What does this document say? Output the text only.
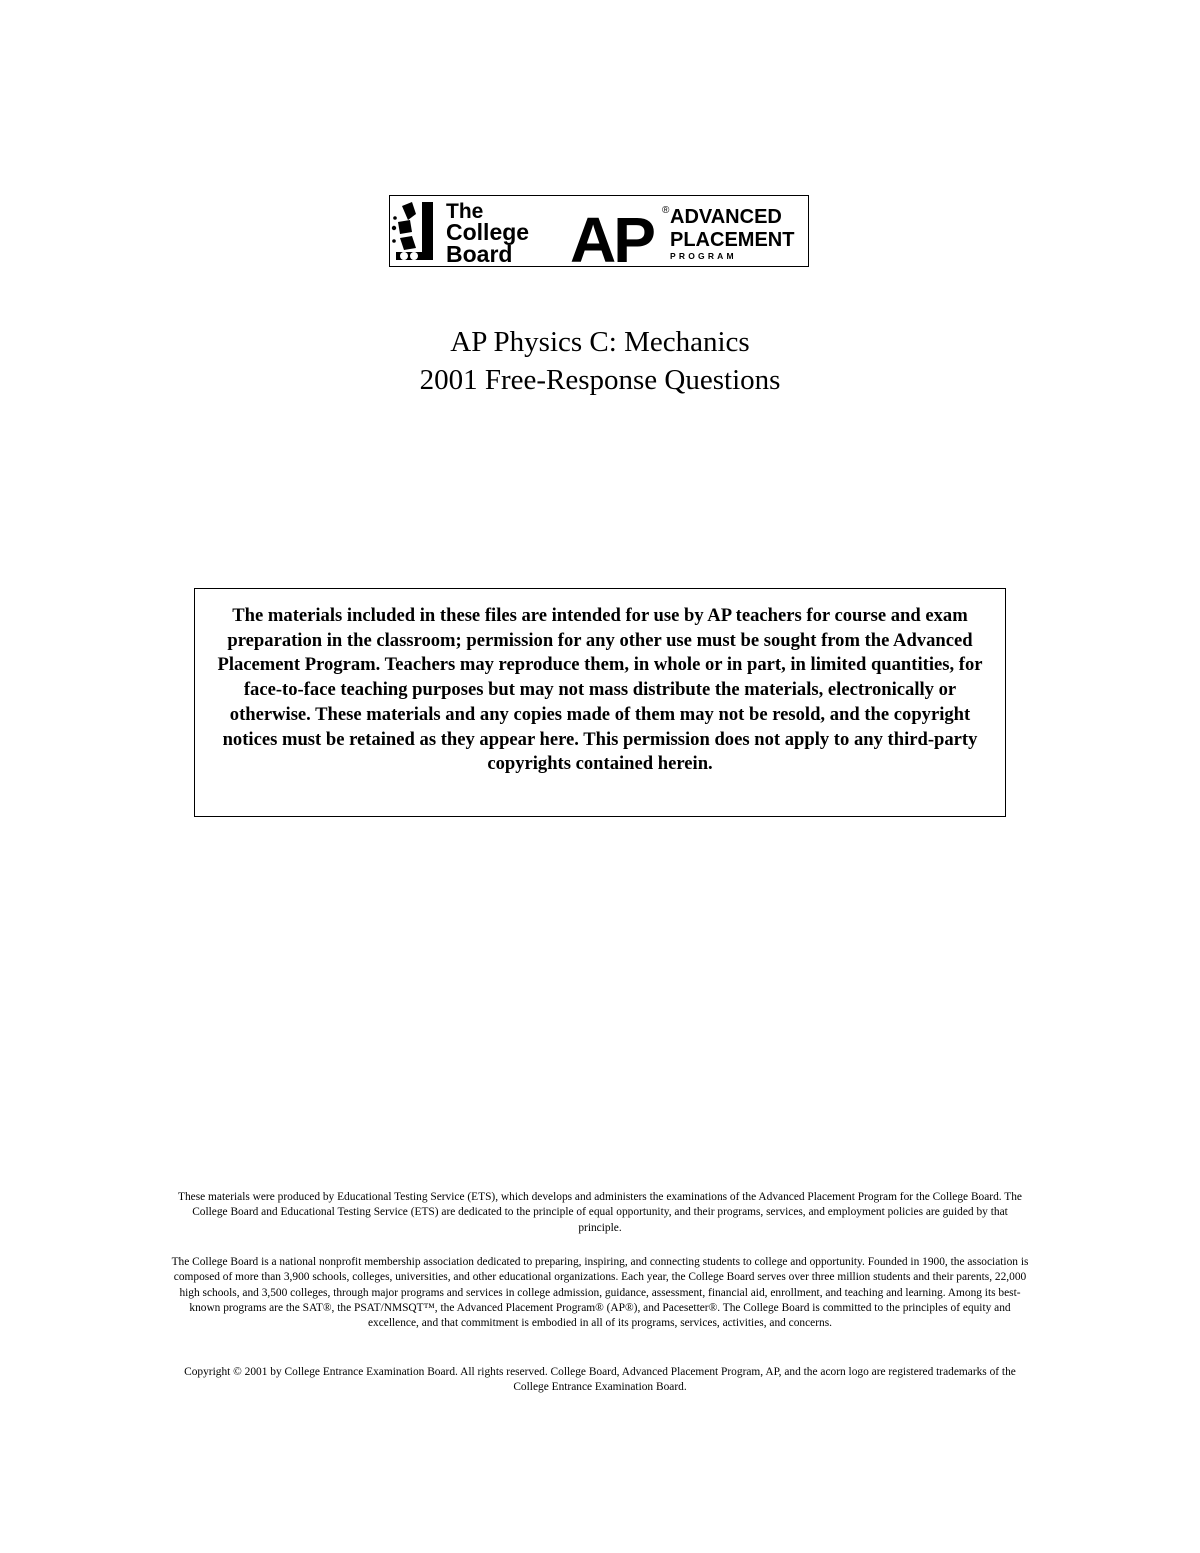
The
College
Board AP ® ADVANCED
PLACEMENT
PROGRAM
AP Physics C: Mechanics
2001 Free-Response Questions
The materials included in these files are intended for use by AP teachers for course and exam preparation in the classroom; permission for any other use must be sought from the Advanced Placement Program. Teachers may reproduce them, in whole or in part, in limited quantities, for face-to-face teaching purposes but may not mass distribute the materials, electronically or otherwise. These materials and any copies made of them may not be resold, and the copyright notices must be retained as they appear here. This permission does not apply to any third-party copyrights contained herein.

These materials were produced by Educational Testing Service (ETS), which develops and administers the examinations of the Advanced Placement Program for the College Board. The College Board and Educational Testing Service (ETS) are dedicated to the principle of equal opportunity, and their programs, services, and employment policies are guided by that principle.

The College Board is a national nonprofit membership association dedicated to preparing, inspiring, and connecting students to college and opportunity. Founded in 1900, the association is composed of more than 3,900 schools, colleges, universities, and other educational organizations. Each year, the College Board serves over three million students and their parents, 22,000 high schools, and 3,500 colleges, through major programs and services in college admission, guidance, assessment, financial aid, enrollment, and teaching and learning. Among its best-known programs are the SAT®, the PSAT/NMSQT™, the Advanced Placement Program® (AP®), and Pacesetter®. The College Board is committed to the principles of equity and excellence, and that commitment is embodied in all of its programs, services, activities, and concerns.

Copyright © 2001 by College Entrance Examination Board. All rights reserved. College Board, Advanced Placement Program, AP, and the acorn logo are registered trademarks of the College Entrance Examination Board.
